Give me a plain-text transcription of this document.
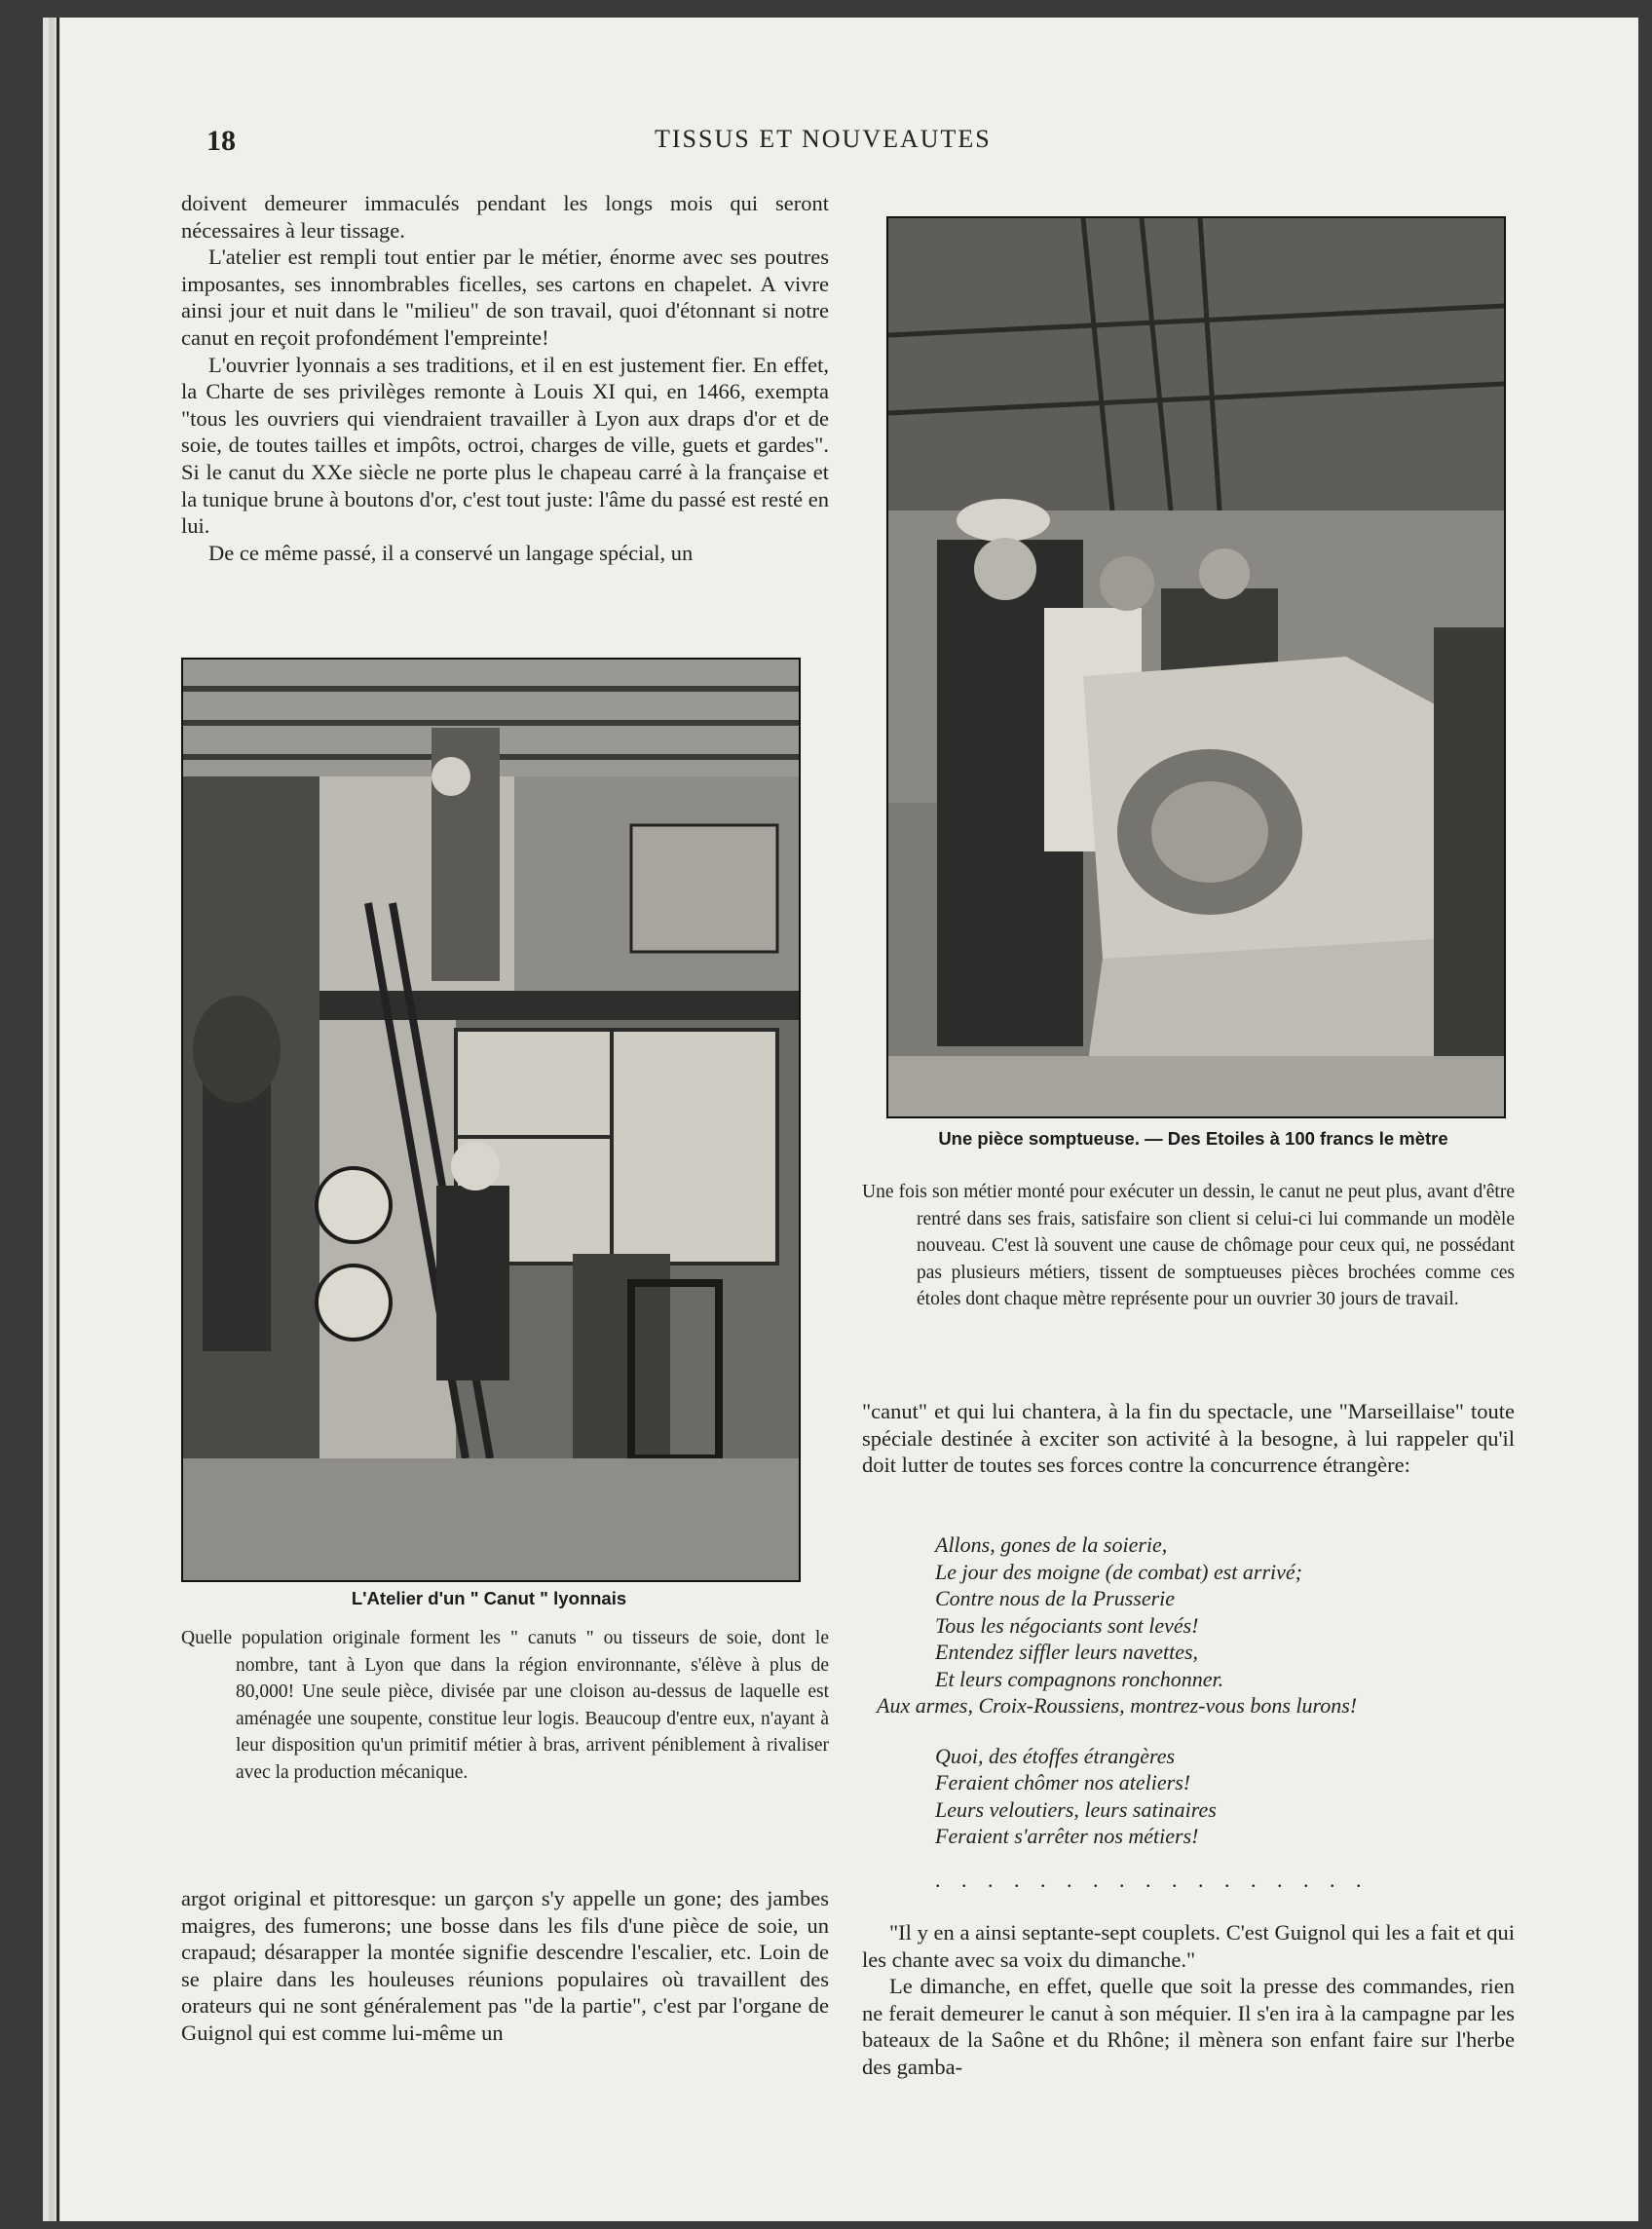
18	TISSUS ET NOUVEAUTES

doivent demeurer immaculés pendant les longs mois qui seront nécessaires à leur tissage.

L'atelier est rempli tout entier par le métier, énorme avec ses poutres imposantes, ses innombrables ficelles, ses cartons en chapelet. A vivre ainsi jour et nuit dans le "milieu" de son travail, quoi d'étonnant si notre canut en reçoit profondément l'empreinte!

L'ouvrier lyonnais a ses traditions, et il en est justement fier. En effet, la Charte de ses privilèges remonte à Louis XI qui, en 1466, exempta "tous les ouvriers qui viendraient travailler à Lyon aux draps d'or et de soie, de toutes tailles et impôts, octroi, charges de ville, guets et gardes". Si le canut du XXe siècle ne porte plus le chapeau carré à la française et la tunique brune à boutons d'or, c'est tout juste: l'âme du passé est resté en lui.

De ce même passé, il a conservé un langage spécial, un

L'Atelier d'un " Canut " lyonnais

Quelle population originale forment les " canuts " ou tisseurs de soie, dont le nombre, tant à Lyon que dans la région environnante, s'élève à plus de 80,000! Une seule pièce, divisée par une cloison au-dessus de laquelle est aménagée une soupente, constitue leur logis. Beaucoup d'entre eux, n'ayant à leur disposition qu'un primitif métier à bras, arrivent péniblement à rivaliser avec la production mécanique.

argot original et pittoresque: un garçon s'y appelle un gone; des jambes maigres, des fumerons; une bosse dans les fils d'une pièce de soie, un crapaud; désarapper la montée signifie descendre l'escalier, etc. Loin de se plaire dans les houleuses réunions populaires où travaillent des orateurs qui ne sont généralement pas "de la partie", c'est par l'organe de Guignol qui est comme lui-même un

Une pièce somptueuse. — Des Etoiles à 100 francs le mètre

Une fois son métier monté pour exécuter un dessin, le canut ne peut plus, avant d'être rentré dans ses frais, satisfaire son client si celui-ci lui commande un modèle nouveau. C'est là souvent une cause de chômage pour ceux qui, ne possédant pas plusieurs métiers, tissent de somptueuses pièces brochées comme ces étoles dont chaque mètre représente pour un ouvrier 30 jours de travail.

"canut" et qui lui chantera, à la fin du spectacle, une "Marseillaise" toute spéciale destinée à exciter son activité à la besogne, à lui rappeler qu'il doit lutter de toutes ses forces contre la concurrence étrangère:

Allons, gones de la soierie,
Le jour des moigne (de combat) est arrivé;
Contre nous de la Prusserie
Tous les négociants sont levés!
Entendez siffler leurs navettes,
Et leurs compagnons ronchonner.
Aux armes, Croix-Roussiens, montrez-vous bons lurons!
Quoi, des étoffes étrangères
Feraient chômer nos ateliers!
Leurs veloutiers, leurs satinaires
Feraient s'arrêter nos métiers!
. . . . . . . . . . . . . . . . .

"Il y en a ainsi septante-sept couplets. C'est Guignol qui les a fait et qui les chante avec sa voix du dimanche."

Le dimanche, en effet, quelle que soit la presse des commandes, rien ne ferait demeurer le canut à son méquier. Il s'en ira à la campagne par les bateaux de la Saône et du Rhône; il mènera son enfant faire sur l'herbe des gamba-
